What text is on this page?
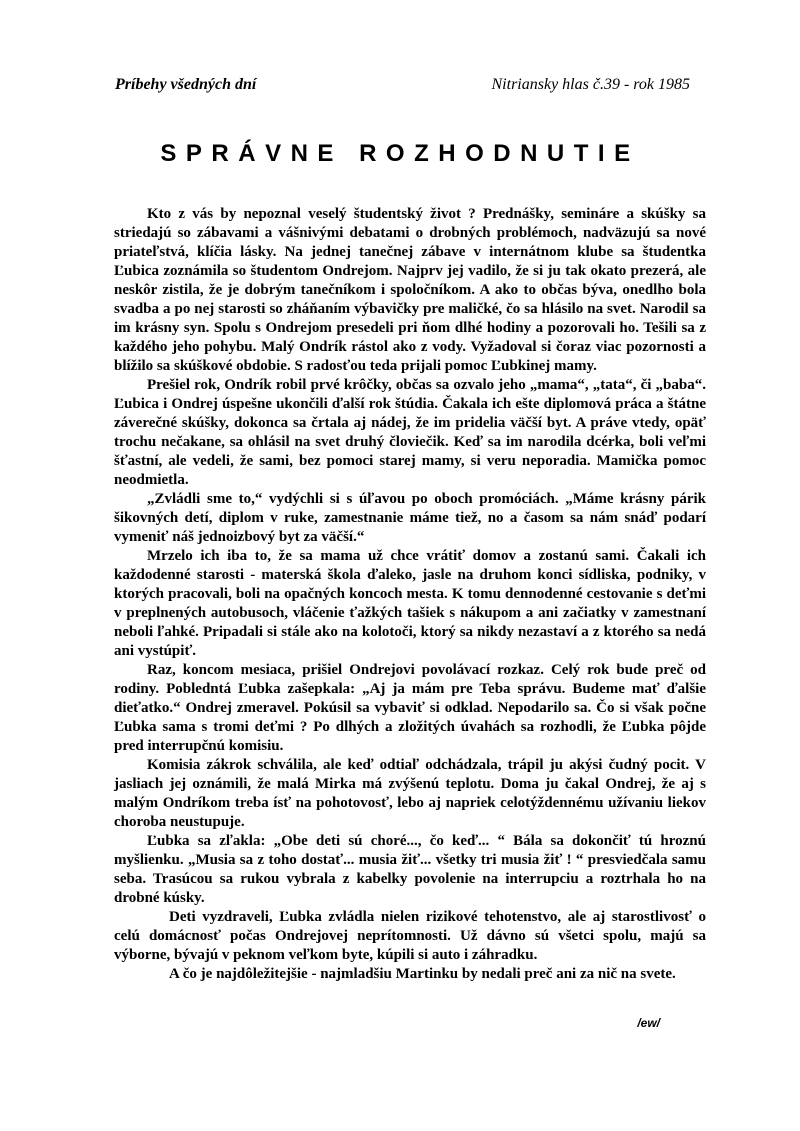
Príbehy všedných dní	Nitriansky hlas č.39 - rok 1985
SPRÁVNE ROZHODNUTIE

Kto z vás by nepoznal veselý študentský život ? Prednášky, semináre a skúšky sa striedajú so zábavami a vášnivými debatami o drobných problémoch, nadväzujú sa nové priateľstvá, klíčia lásky. Na jednej tanečnej zábave v internátnom klube sa študentka Ľubica zoznámila so študentom Ondrejom. Najprv jej vadilo, že si ju tak okato prezerá, ale neskôr zistila, že je dobrým tanečníkom i spoločníkom. A ako to občas býva, onedlho bola svadba a po nej starosti so zháňaním výbavičky pre maličké, čo sa hlásilo na svet. Narodil sa im krásny syn. Spolu s Ondrejom presedeli pri ňom dlhé hodiny a pozorovali ho. Tešili sa z každého jeho pohybu. Malý Ondrík rástol ako z vody. Vyžadoval si čoraz viac pozornosti a blížilo sa skúškové obdobie. S radosťou teda prijali pomoc Ľubkinej mamy.

Prešiel rok, Ondrík robil prvé krôčky, občas sa ozvalo jeho „mama“, „tata“, či „baba“. Ľubica i Ondrej úspešne ukončili ďalší rok štúdia. Čakala ich ešte diplomová práca a štátne záverečné skúšky, dokonca sa črtala aj nádej, že im pridelia väčší byt. A práve vtedy, opäť trochu nečakane, sa ohlásil na svet druhý človiečik. Keď sa im narodila dcérka, boli veľmi šťastní, ale vedeli, že sami, bez pomoci starej mamy, si veru neporadia. Mamička pomoc neodmietla.

„Zvládli sme to,“ vydýchli si s úľavou po oboch promóciách. „Máme krásny párik šikovných detí, diplom v ruke, zamestnanie máme tiež, no a časom sa nám snáď podarí vymeniť náš jednoizbový byt za väčší.“

Mrzelo ich iba to, že sa mama už chce vrátiť domov a zostanú sami. Čakali ich každodenné starosti - materská škola ďaleko, jasle na druhom konci sídliska, podniky, v ktorých pracovali, boli na opačných koncoch mesta. K tomu dennodenné cestovanie s deťmi v preplnených autobusoch, vláčenie ťažkých tašiek s nákupom a ani začiatky v zamestnaní neboli ľahké. Pripadali si stále ako na kolotoči, ktorý sa nikdy nezastaví a z ktorého sa nedá ani vystúpiť.

Raz, koncom mesiaca, prišiel Ondrejovi povolávací rozkaz. Celý rok bude preč od rodiny. Pobledntá Ľubka zašepkala: „Aj ja mám pre Teba správu. Budeme mať ďalšie dieťatko.“ Ondrej zmeravel. Pokúsil sa vybaviť si odklad. Nepodarilo sa. Čo si však počne Ľubka sama s tromi deťmi ? Po dlhých a zložitých úvahách sa rozhodli, že Ľubka pôjde pred interrupčnú komisiu.

Komisia zákrok schválila, ale keď odtiaľ odchádzala, trápil ju akýsi čudný pocit. V jasliach jej oznámili, že malá Mirka má zvýšenú teplotu. Doma ju čakal Ondrej, že aj s malým Ondríkom treba ísť na pohotovosť, lebo aj napriek celotýždennému užívaniu liekov choroba neustupuje.

Ľubka sa zľakla: „Obe deti sú choré..., čo keď... “ Bála sa dokončiť tú hroznú myšlienku. „Musia sa z toho dostať... musia žiť... všetky tri musia žiť ! “ presviedčala samu seba. Trasúcou sa rukou vybrala z kabelky povolenie na interrupciu a roztrhala ho na drobné kúsky.

Deti vyzdraveli, Ľubka zvládla nielen rizikové tehotenstvo, ale aj starostlivosť o celú domácnosť počas Ondrejovej neprítomnosti. Už dávno sú všetci spolu, majú sa výborne, bývajú v peknom veľkom byte, kúpili si auto i záhradku.

A čo je najdôležitejšie - najmladšiu Martinku by nedali preč ani za nič na svete.

/ew/
